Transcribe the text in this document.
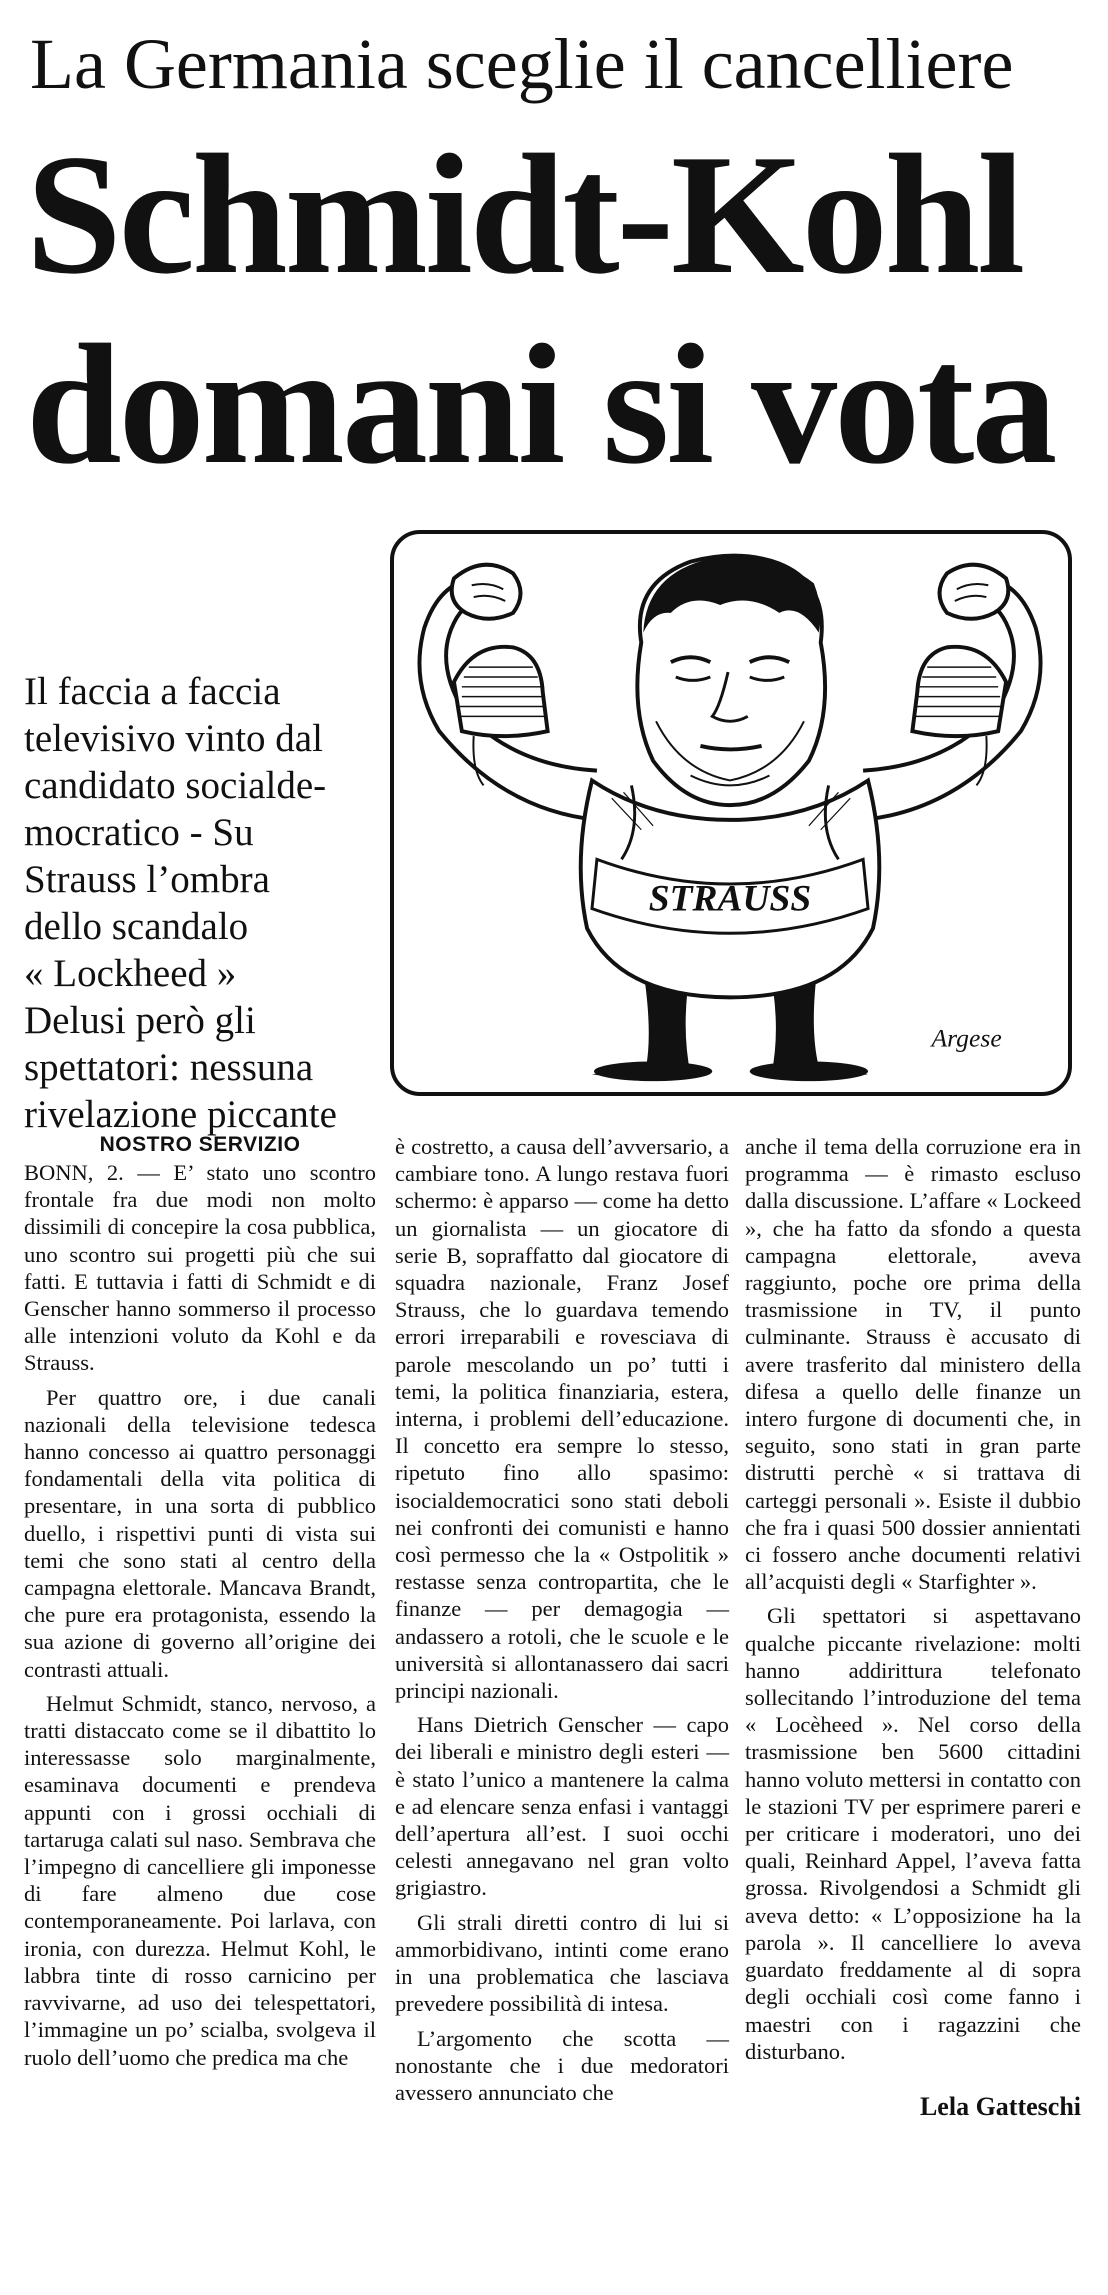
La Germania sceglie il cancelliere
Schmidt-Kohl
domani si vota
Il faccia a faccia
televisivo vinto dal
candidato socialde-
mocratico - Su
Strauss l’ombra
dello scandalo
« Lockheed »
Delusi però gli
spettatori: nessuna
rivelazione piccante
STRAUSS
Argese
NOSTRO SERVIZIO

BONN, 2. — E’ stato uno scontro frontale fra due modi non molto dissimili di concepire la cosa pubblica, uno scontro sui progetti più che sui fatti. E tuttavia i fatti di Schmidt e di Genscher hanno sommerso il processo alle intenzioni voluto da Kohl e da Strauss.

Per quattro ore, i due canali nazionali della televisione tedesca hanno concesso ai quattro personaggi fondamentali della vita politica di presentare, in una sorta di pubblico duello, i rispettivi punti di vista sui temi che sono stati al centro della campagna elettorale. Mancava Brandt, che pure era protagonista, essendo la sua azione di governo all’origine dei contrasti attuali.

Helmut Schmidt, stanco, nervoso, a tratti distaccato come se il dibattito lo interessasse solo marginalmente, esaminava documenti e prendeva appunti con i grossi occhiali di tartaruga calati sul naso. Sembrava che l’impegno di cancelliere gli imponesse di fare almeno due cose contemporaneamente. Poi larlava, con ironia, con durezza. Helmut Kohl, le labbra tinte di rosso carnicino per ravvivarne, ad uso dei telespettatori, l’immagine un po’ scialba, svolgeva il ruolo dell’uomo che predica ma che

è costretto, a causa dell’avversario, a cambiare tono. A lungo restava fuori schermo: è apparso — come ha detto un giornalista — un giocatore di serie B, sopraffatto dal giocatore di squadra nazionale, Franz Josef Strauss, che lo guardava temendo errori irreparabili e rovesciava di parole mescolando un po’ tutti i temi, la politica finanziaria, estera, interna, i problemi dell’educazione. Il concetto era sempre lo stesso, ripetuto fino allo spasimo: isocialdemocratici sono stati deboli nei confronti dei comunisti e hanno così permesso che la « Ostpolitik » restasse senza contropartita, che le finanze — per demagogia — andassero a rotoli, che le scuole e le università si allontanassero dai sacri principi nazionali.

Hans Dietrich Genscher — capo dei liberali e ministro degli esteri — è stato l’unico a mantenere la calma e ad elencare senza enfasi i vantaggi dell’apertura all’est. I suoi occhi celesti annegavano nel gran volto grigiastro.

Gli strali diretti contro di lui si ammorbidivano, intinti come erano in una problematica che lasciava prevedere possibilità di intesa.

L’argomento che scotta — nonostante che i due medoratori avessero annunciato che

anche il tema della corruzione era in programma — è rimasto escluso dalla discussione. L’affare « Lockeed », che ha fatto da sfondo a questa campagna elettorale, aveva raggiunto, poche ore prima della trasmissione in TV, il punto culminante. Strauss è accusato di avere trasferito dal ministero della difesa a quello delle finanze un intero furgone di documenti che, in seguito, sono stati in gran parte distrutti perchè « si trattava di carteggi personali ». Esiste il dubbio che fra i quasi 500 dossier annientati ci fossero anche documenti relativi all’acquisti degli « Starfighter ».

Gli spettatori si aspettavano qualche piccante rivelazione: molti hanno addirittura telefonato sollecitando l’introduzione del tema « Locèheed ». Nel corso della trasmissione ben 5600 cittadini hanno voluto mettersi in contatto con le stazioni TV per esprimere pareri e per criticare i moderatori, uno dei quali, Reinhard Appel, l’aveva fatta grossa. Rivolgendosi a Schmidt gli aveva detto: « L’opposizione ha la parola ». Il cancelliere lo aveva guardato freddamente al di sopra degli occhiali così come fanno i maestri con i ragazzini che disturbano.

Lela Gatteschi
